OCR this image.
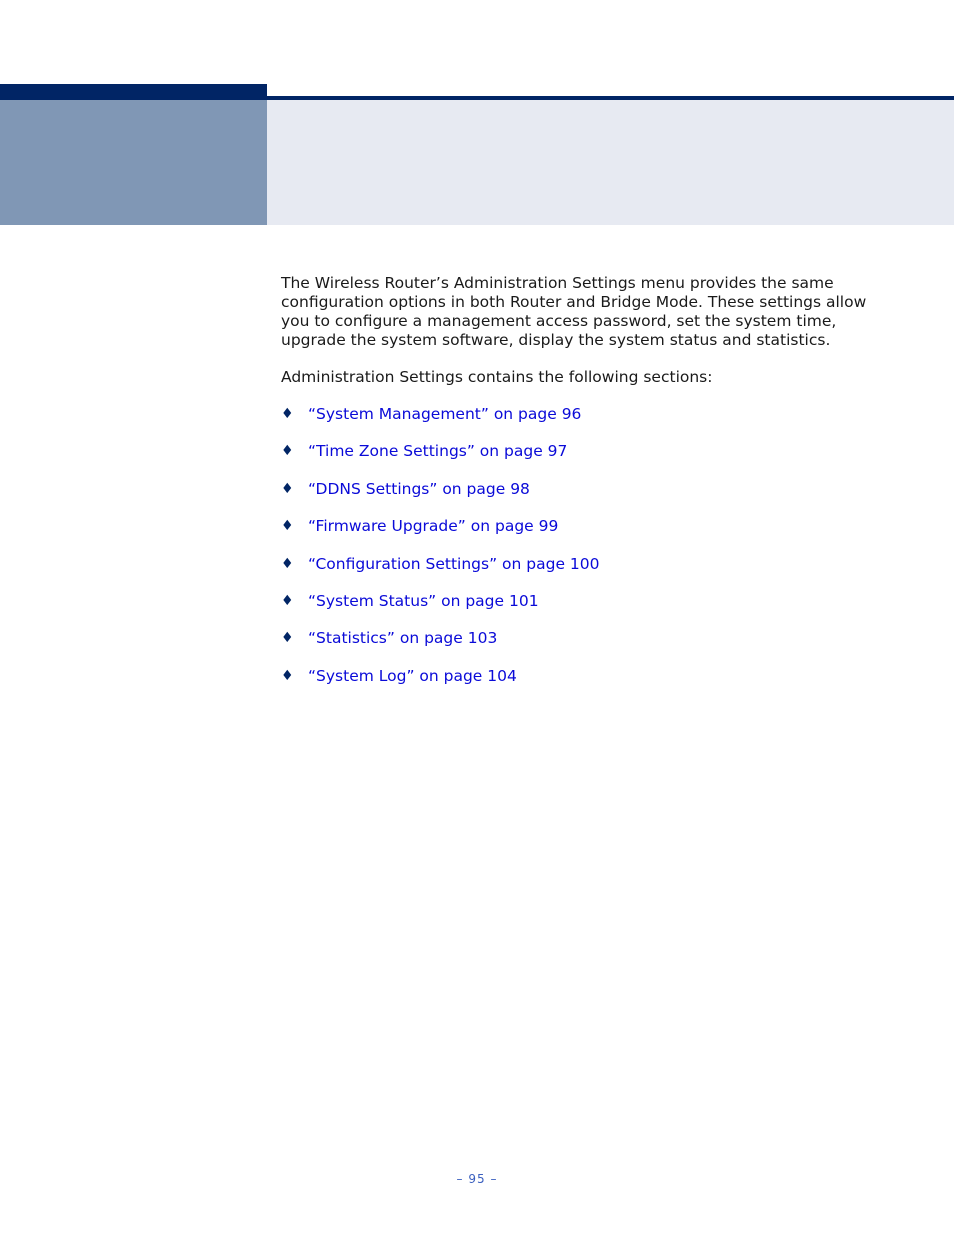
The Wireless Router’s Administration Settings menu provides the same configuration options in both Router and Bridge Mode. These settings allow you to configure a management access password, set the system time, upgrade the system software, display the system status and statistics.

Administration Settings contains the following sections:

♦ “System Management” on page 96
♦ “Time Zone Settings” on page 97
♦ “DDNS Settings” on page 98
♦ “Firmware Upgrade” on page 99
♦ “Configuration Settings” on page 100
♦ “System Status” on page 101
♦ “Statistics” on page 103
♦ “System Log” on page 104
– 95 –
